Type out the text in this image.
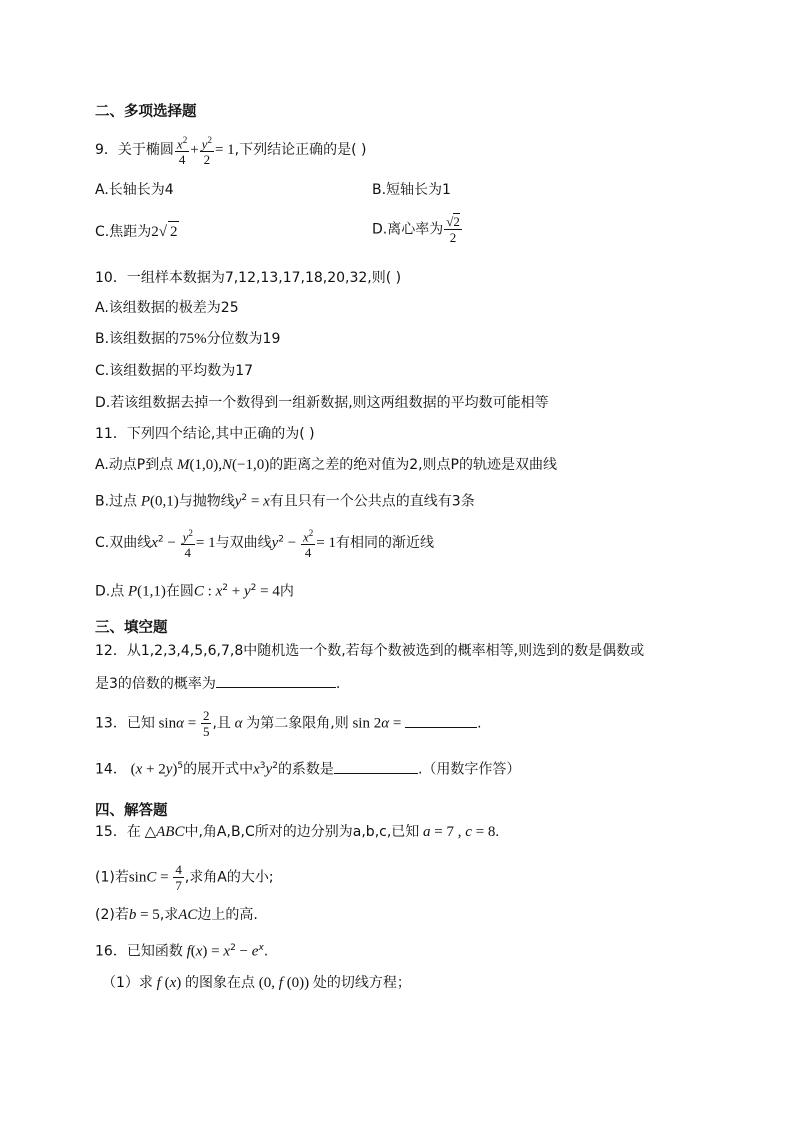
二、多项选择题
9．关于椭圆 $\frac{x^2}{4} + \frac{y^2}{2} = 1$,下列结论正确的是( )
A.长轴长为4	B.短轴长为1
C.焦距为2√ 2	D.离心率为 $\frac{√2}{2}$
10．一组样本数据为7,12,13,17,18,20,32,则( )
A.该组数据的极差为25
B.该组数据的75%分位数为19
C.该组数据的平均数为17
D.若该组数据去掉一个数得到一组新数据,则这两组数据的平均数可能相等
11．下列四个结论,其中正确的为( )
A.动点P到点 M(1,0),N(−1,0)的距离之差的绝对值为2,则点P的轨迹是双曲线
B.过点 P(0,1)与抛物线$y^2 = x$有且只有一个公共点的直线有3条
C.双曲线$x^2 - \frac{y^2}{4} = 1$与双曲线$y^2 - \frac{x^2}{4} = 1$有相同的渐近线
D.点 P(1,1)在圆C : $x^2 + y^2 = 4$内
三、填空题
12．从1,2,3,4,5,6,7,8中随机选一个数,若每个数被选到的概率相等,则选到的数是偶数或
是3的倍数的概率为	.
13．已知 $\sin\alpha = \frac{2}{5}$ ,且 α 为第二象限角,则 sin 2α =	.
14． $(x + 2y)^5$的展开式中$x^3y^2$的系数是	.（用数字作答）
四、解答题
15．在 △ABC中,角A,B,C所对的边分别为a,b,c,已知 a = 7 , c = 8.
(1)若$\sin C = \frac{4}{7}$ ,求角A的大小;
(2)若b = 5,求AC边上的高.
16．已知函数 $f(x) = x^2 - e^x$.
（1）求 f (x) 的图象在点 (0, f (0)) 处的切线方程；
